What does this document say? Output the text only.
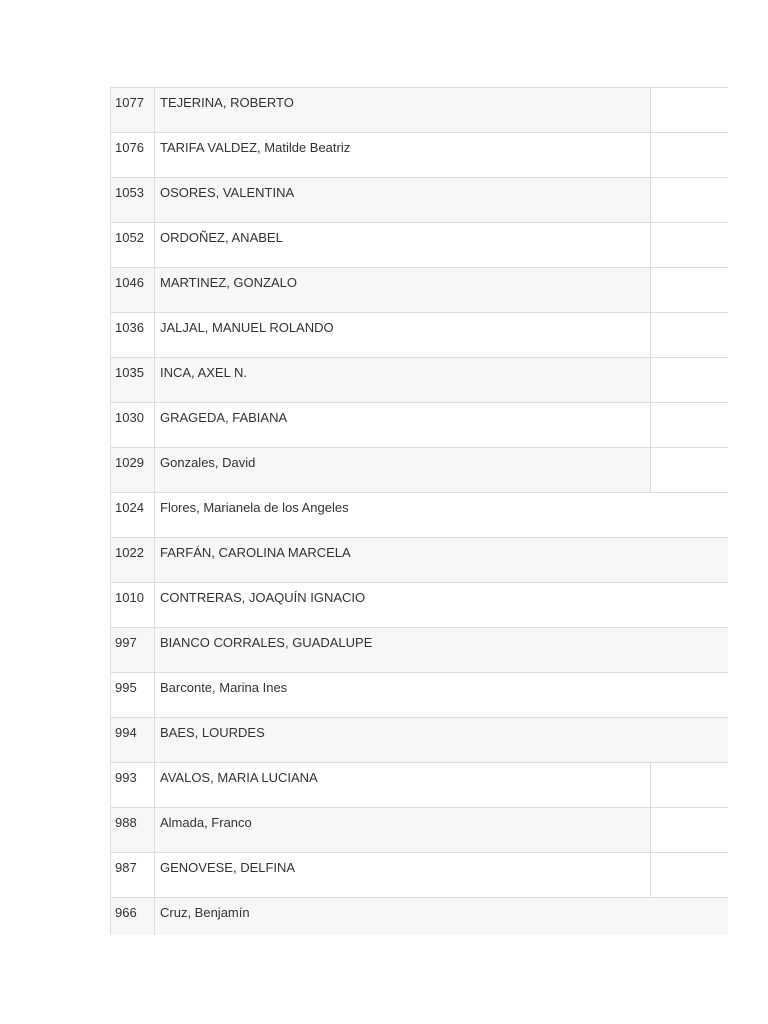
1077	TEJERINA, ROBERTO
1076	TARIFA VALDEZ, Matilde Beatriz
1053	OSORES, VALENTINA
1052	ORDOÑEZ, ANABEL
1046	MARTINEZ, GONZALO
1036	JALJAL, MANUEL ROLANDO
1035	INCA, AXEL N.
1030	GRAGEDA, FABIANA
1029	Gonzales, David
1024	Flores, Marianela de los Angeles
1022	FARFÁN, CAROLINA MARCELA
1010	CONTRERAS, JOAQUÍN IGNACIO
997	BIANCO CORRALES, GUADALUPE
995	Barconte, Marina Ines
994	BAES, LOURDES
993	AVALOS, MARIA LUCIANA
988	Almada, Franco
987	GENOVESE, DELFINA
966	Cruz, Benjamín
